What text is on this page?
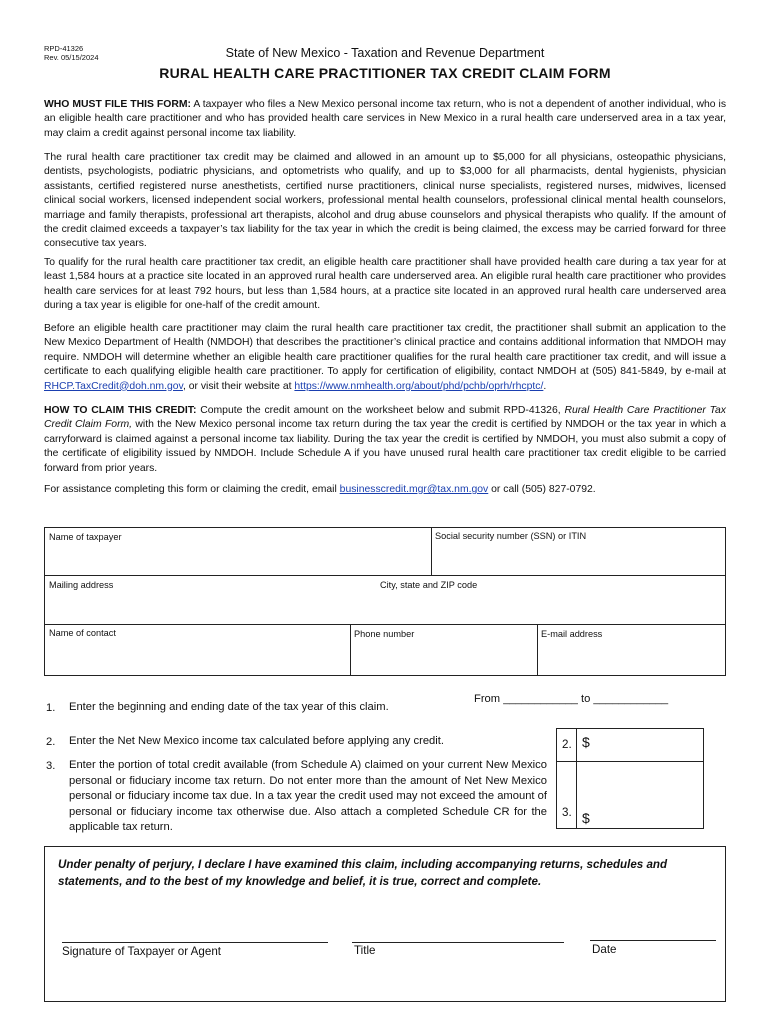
RPD-41326
Rev. 05/15/2024	State of New Mexico - Taxation and Revenue Department
RURAL HEALTH CARE PRACTITIONER TAX CREDIT CLAIM FORM
WHO MUST FILE THIS FORM: A taxpayer who files a New Mexico personal income tax return, who is not a dependent of another individual, who is an eligible health care practitioner and who has provided health care services in New Mexico in a rural health care underserved area in a tax year, may claim a credit against personal income tax liability.
The rural health care practitioner tax credit may be claimed and allowed in an amount up to $5,000 for all physicians, osteopathic physicians, dentists, psychologists, podiatric physicians, and optometrists who qualify, and up to $3,000 for all pharmacists, dental hygienists, physician assistants, certified registered nurse anesthetists, certified nurse practitioners, clinical nurse specialists, registered nurses, midwives, licensed clinical social workers, licensed independent social workers, professional mental health counselors, professional clinical mental health counselors, marriage and family therapists, professional art therapists, alcohol and drug abuse counselors and physical therapists who qualify. If the amount of the credit claimed exceeds a taxpayer’s tax liability for the tax year in which the credit is being claimed, the excess may be carried forward for three consecutive tax years.
To qualify for the rural health care practitioner tax credit, an eligible health care practitioner shall have provided health care during a tax year for at least 1,584 hours at a practice site located in an approved rural health care underserved area. An eligible rural health care practitioner who provides health care services for at least 792 hours, but less than 1,584 hours, at a practice site located in an approved rural health care underserved area during a tax year is eligible for one-half of the credit amount.
Before an eligible health care practitioner may claim the rural health care practitioner tax credit, the practitioner shall submit an application to the New Mexico Department of Health (NMDOH) that describes the practitioner’s clinical practice and contains additional information that NMDOH may require. NMDOH will determine whether an eligible health care practitioner qualifies for the rural health care practitioner tax credit, and will issue a certificate to each qualifying eligible health care practitioner. To apply for certification of eligibility, contact NMDOH at (505) 841-5849, by e-mail at RHCP.TaxCredit@doh.nm.gov, or visit their website at https://www.nmhealth.org/about/phd/pchb/oprh/rhcptc/.
HOW TO CLAIM THIS CREDIT: Compute the credit amount on the worksheet below and submit RPD-41326, Rural Health Care Practitioner Tax Credit Claim Form, with the New Mexico personal income tax return during the tax year the credit is certified by NMDOH or the tax year in which a carryforward is claimed against a personal income tax liability. During the tax year the credit is certified by NMDOH, you must also submit a copy of the certificate of eligibility issued by NMDOH. Include Schedule A if you have unused rural health care practitioner tax credit eligible to be carried forward from prior years.
For assistance completing this form or claiming the credit, email businesscredit.mgr@tax.nm.gov or call (505) 827-0792.
Name of taxpayer	Social security number (SSN) or ITIN
Mailing address	City, state and ZIP code
Name of contact	Phone number	E-mail address
1. Enter the beginning and ending date of the tax year of this claim.
From ____________ to ____________
2. Enter the Net New Mexico income tax calculated before applying any credit.
3. Enter the portion of total credit available (from Schedule A) claimed on your current New Mexico personal or fiduciary income tax return. Do not enter more than the amount of Net New Mexico personal or fiduciary income tax due. In a tax year the credit used may not exceed the amount of personal or fiduciary income tax otherwise due. Also attach a completed Schedule CR for the applicable tax return.
2. $
3. $
Under penalty of perjury, I declare I have examined this claim, including accompanying returns, schedules and statements, and to the best of my knowledge and belief, it is true, correct and complete.
Signature of Taxpayer or Agent	Title	Date
